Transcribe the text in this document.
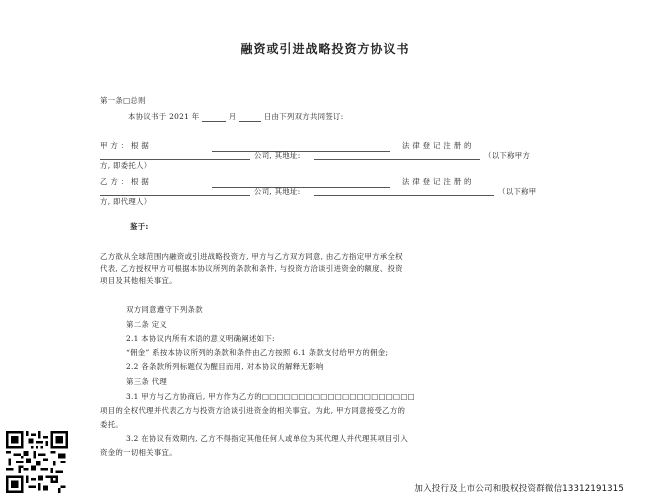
融资或引进战略投资方协议书
第一条□总则
本协议书于 2021 年	月	日由下列双方共同签订:
甲 方 ： 根 据	法 律 登 记 注 册 的
公司, 其地址:	（以下称甲方
方, 即委托人）
乙 方 ： 根 据	法 律 登 记 注 册 的
公司, 其地址:	（以下称甲
方, 即代理人）
鉴于:
乙方欲从全球范围内融资或引进战略投资方, 甲方与乙方双方同意, 由乙方指定甲方承全权
代表, 乙方授权甲方可根据本协议所列的条款和条件, 与投资方洽谈引进资金的额度、投资
项目及其他相关事宜。
双方同意遵守下列条款
第二条 定义
2.1 本协议内所有术语的意义明确阐述如下:
“佣金” 系按本协议所列的条款和条件由乙方按照 6.1 条款支付给甲方的佣金;
2.2 各条款所列标题仅为醒目而用, 对本协议的解释无影响
第三条 代理
3.1 甲方与乙方协商后, 甲方作为乙方的□□□□□□□□□□□□□□□□□□□□□
项目的全权代理并代表乙方与投资方洽谈引进资金的相关事宜。为此, 甲方同意接受乙方的
委托。
3.2 在协议有效期内, 乙方不得指定其他任何人或单位为其代理人并代理其项目引入
资金的一切相关事宜。
加入投行及上市公司和股权投资群微信13312191315
